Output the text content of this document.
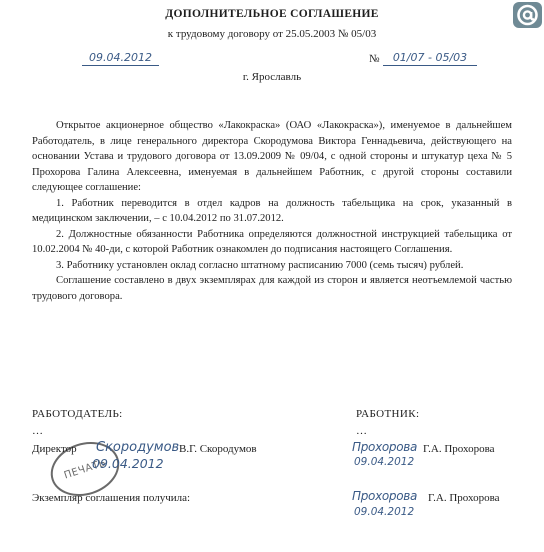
ДОПОЛНИТЕЛЬНОЕ СОГЛАШЕНИЕ
к трудовому договору от 25.05.2003 № 05/03
09.04.2012	№	01/07 - 05/03
г. Ярославль

Открытое акционерное общество «Лакокраска» (ОАО «Лакокраска»), именуемое в дальнейшем Работодатель, в лице генерального директора Скородумова Виктора Геннадьевича, действующего на основании Устава и трудового договора от 13.09.2009 № 09/04, с одной стороны и штукатур цеха № 5 Прохорова Галина Алексеевна, именуемая в дальнейшем Работник, с другой стороны составили следующее соглашение:

1. Работник переводится в отдел кадров на должность табельщика на срок, указанный в медицинском заключении, – с 10.04.2012 по 31.07.2012.

2. Должностные обязанности Работника определяются должностной инструкцией табельщика от 10.02.2004 № 40-ди, с которой Работник ознакомлен до подписания настоящего Соглашения.

3. Работнику установлен оклад согласно штатному расписанию 7000 (семь тысяч) рублей.

Соглашение составлено в двух экземплярах для каждой из сторон и является неотъемлемой частью трудового договора.

РАБОТОДАТЕЛЬ:	РАБОТНИК:
…	…
ПЕЧАТЬ
Директор Скородумов
09.04.2012
В.Г. Скородумов	Прохорова
09.04.2012
Г.А. Прохорова
Экземпляр соглашения получила:	Прохорова
09.04.2012
Г.А. Прохорова
